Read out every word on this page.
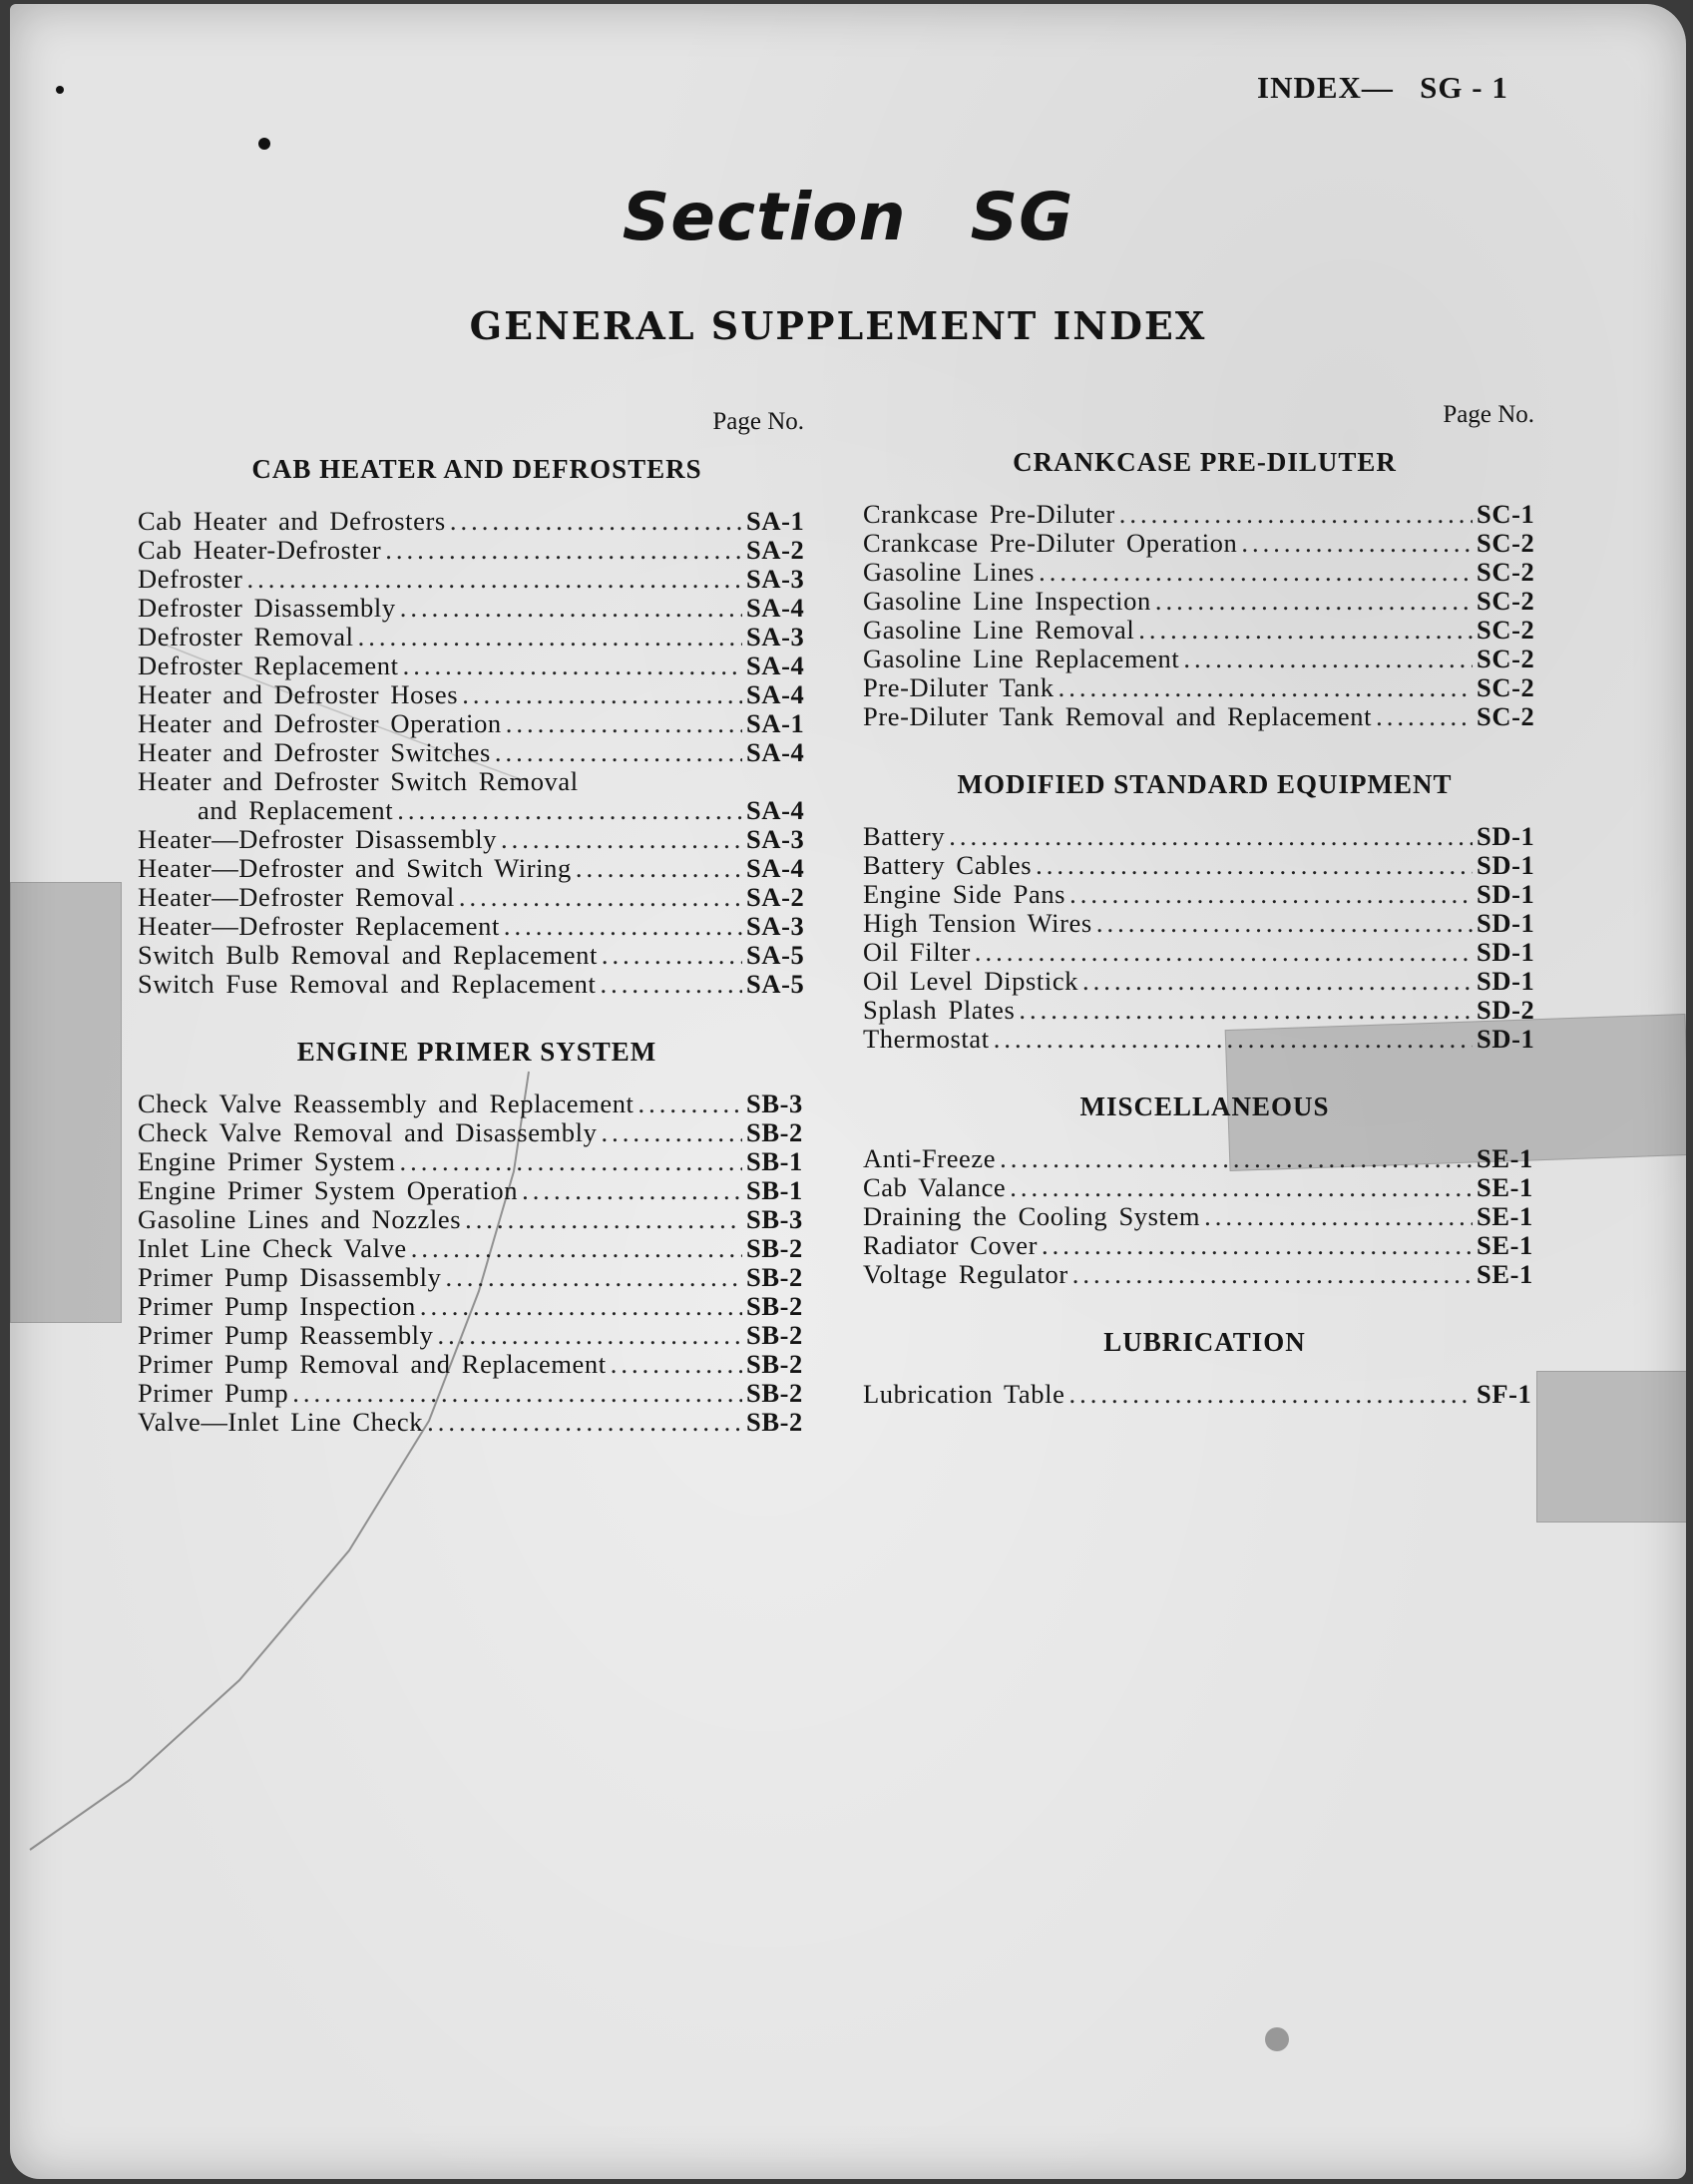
INDEX— SG - 1
Section SG
GENERAL SUPPLEMENT INDEX
Page No.
CAB HEATER AND DEFROSTERS
Cab Heater and Defrosters .....	SA-1
Cab Heater-Defroster .....	SA-2
Defroster .....	SA-3
Defroster Disassembly .....	SA-4
Defroster Removal .....	SA-3
Defroster Replacement .....	SA-4
Heater and Defroster Hoses .....	SA-4
Heater and Defroster Operation .....	SA-1
Heater and Defroster Switches .....	SA-4
Heater and Defroster Switch Removal
and Replacement .....	SA-4
Heater—Defroster Disassembly .....	SA-3
Heater—Defroster and Switch Wiring .....	SA-4
Heater—Defroster Removal .....	SA-2
Heater—Defroster Replacement .....	SA-3
Switch Bulb Removal and Replacement .....	SA-5
Switch Fuse Removal and Replacement .....	SA-5
ENGINE PRIMER SYSTEM
Check Valve Reassembly and Replacement .....	SB-3
Check Valve Removal and Disassembly .....	SB-2
Engine Primer System .....	SB-1
Engine Primer System Operation .....	SB-1
Gasoline Lines and Nozzles .....	SB-3
Inlet Line Check Valve .....	SB-2
Primer Pump Disassembly .....	SB-2
Primer Pump Inspection .....	SB-2
Primer Pump Reassembly .....	SB-2
Primer Pump Removal and Replacement .....	SB-2
Primer Pump .....	SB-2
Valve—Inlet Line Check .....	SB-2
Page No.
CRANKCASE PRE-DILUTER
Crankcase Pre-Diluter .....	SC-1
Crankcase Pre-Diluter Operation .....	SC-2
Gasoline Lines .....	SC-2
Gasoline Line Inspection .....	SC-2
Gasoline Line Removal .....	SC-2
Gasoline Line Replacement .....	SC-2
Pre-Diluter Tank .....	SC-2
Pre-Diluter Tank Removal and Replacement .....	SC-2
MODIFIED STANDARD EQUIPMENT
Battery .....	SD-1
Battery Cables .....	SD-1
Engine Side Pans .....	SD-1
High Tension Wires .....	SD-1
Oil Filter .....	SD-1
Oil Level Dipstick .....	SD-1
Splash Plates .....	SD-2
Thermostat .....	SD-1
MISCELLANEOUS
Anti-Freeze .....	SE-1
Cab Valance .....	SE-1
Draining the Cooling System .....	SE-1
Radiator Cover .....	SE-1
Voltage Regulator .....	SE-1
LUBRICATION
Lubrication Table .....	SF-1
